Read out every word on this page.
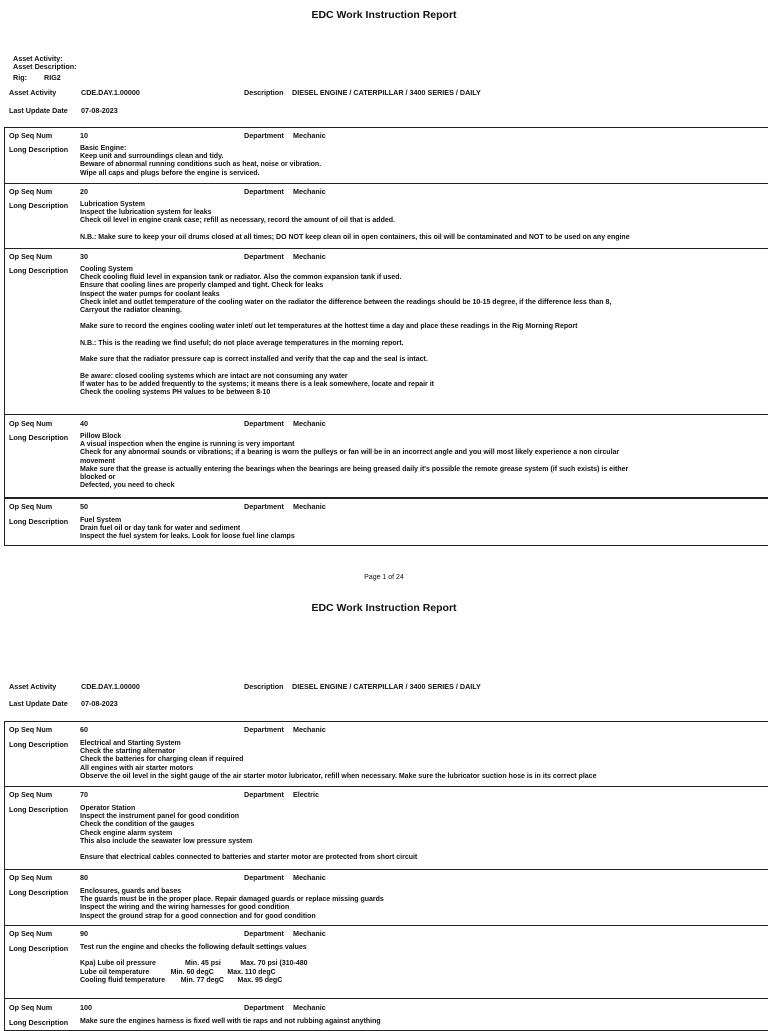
EDC Work Instruction Report
Asset Activity:
Asset Description:
Rig: RIG2
Asset Activity	CDE.DAY.1.00000	Description DIESEL ENGINE / CATERPILLAR / 3400 SERIES / DAILY
Last Update Date 07-08-2023
Op Seq Num	10	Department Mechanic
Long Description Basic Engine:
Keep unit and surroundings clean and tidy.
Beware of abnormal running conditions such as heat, noise or vibration.
Wipe all caps and plugs before the engine is serviced.
Op Seq Num	20	Department Mechanic
Long Description Lubrication System
Inspect the lubrication system for leaks
Check oil level in engine crank case; refill as necessary, record the amount of oil that is added.

N.B.: Make sure to keep your oil drums closed at all times; DO NOT keep clean oil in open containers, this oil will be contaminated and NOT to be used on any engine
Op Seq Num	30	Department Mechanic
Long Description Cooling System
Check cooling fluid level in expansion tank or radiator. Also the common expansion tank if used.
Ensure that cooling lines are properly clamped and tight. Check for leaks
Inspect the water pumps for coolant leaks
Check inlet and outlet temperature of the cooling water on the radiator the difference between the readings should be 10-15 degree, if the difference less than 8,
Carryout the radiator cleaning.

Make sure to record the engines cooling water inlet/ out let temperatures at the hottest time a day and place these readings in the Rig Morning Report

N.B.: This is the reading we find useful; do not place average temperatures in the morning report.

Make sure that the radiator pressure cap is correct installed and verify that the cap and the seal is intact.

Be aware: closed cooling systems which are intact are not consuming any water
If water has to be added frequently to the systems; it means there is a leak somewhere, locate and repair it
Check the cooling systems PH values to be between 8-10
Op Seq Num	40	Department Mechanic
Long Description Pillow Block
A visual inspection when the engine is running is very important
Check for any abnormal sounds or vibrations; if a bearing is worn the pulleys or fan will be in an incorrect angle and you will most likely experience a non circular
movement
Make sure that the grease is actually entering the bearings when the bearings are being greased daily it's possible the remote grease system (if such exists) is either
blocked or
Defected, you need to check
Op Seq Num	50	Department Mechanic
Long Description Fuel System
Drain fuel oil or day tank for water and sediment
Inspect the fuel system for leaks. Look for loose fuel line clamps
Page 1 of 24
EDC Work Instruction Report
Asset Activity	CDE.DAY.1.00000	Description DIESEL ENGINE / CATERPILLAR / 3400 SERIES / DAILY
Last Update Date 07-08-2023
Op Seq Num	60	Department Mechanic
Long Description Electrical and Starting System
Check the starting alternator
Check the batteries for charging clean if required
All engines with air starter motors
Observe the oil level in the sight gauge of the air starter motor lubricator, refill when necessary. Make sure the lubricator suction hose is in its correct place
Op Seq Num	70	Department Electric
Long Description Operator Station
Inspect the instrument panel for good condition
Check the condition of the gauges
Check engine alarm system
This also include the seawater low pressure system

Ensure that electrical cables connected to batteries and starter motor are protected from short circuit
Op Seq Num	80	Department Mechanic
Long Description Enclosures, guards and bases
The guards must be in the proper place. Repair damaged guards or replace missing guards
Inspect the wiring and the wiring harnesses for good condition
Inspect the ground strap for a good connection and for good condition
Op Seq Num	90	Department Mechanic
Long Description Test run the engine and checks the following default settings values

Kpa) Lube oil pressure               Min. 45 psi          Max. 70 psi (310-480
Lube oil temperature           Min. 60 degC       Max. 110 degC
Cooling fluid temperature        Min. 77 degC       Max. 95 degC
Op Seq Num	100	Department Mechanic
Long Description Make sure the engines harness is fixed well with tie raps and not rubbing against anything
